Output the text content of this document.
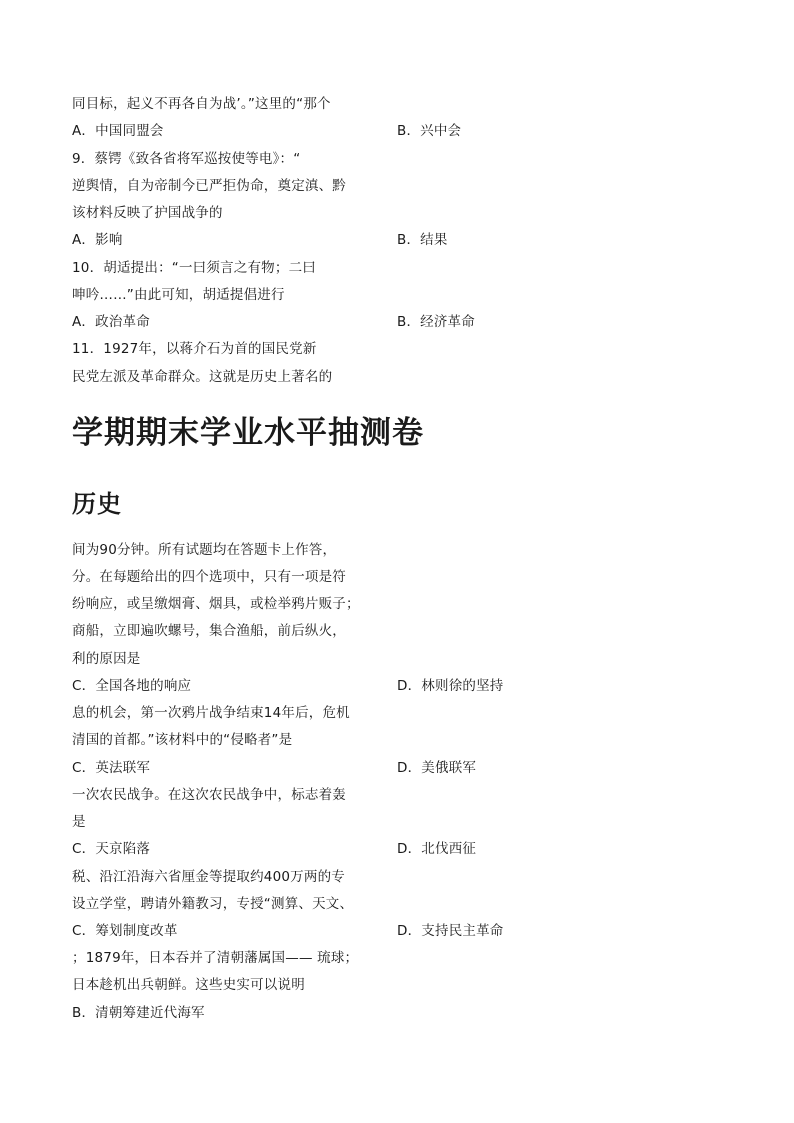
同目标，起义不再各自为战’。”这里的“那个
A．中国同盟会	B．兴中会
9．蔡锷《致各省将军巡按使等电》：“
逆舆情，自为帝制今已严拒伪命，奠定滇、黔
该材料反映了护国战争的
A．影响	B．结果
10．胡适提出：“一曰须言之有物；二曰
呻吟……”由此可知，胡适提倡进行
A．政治革命	B．经济革命
11．1927年，以蒋介石为首的国民党新
民党左派及革命群众。这就是历史上著名的
学期期末学业水平抽测卷
历史
间为90分钟。所有试题均在答题卡上作答，
分。在每题给出的四个选项中，只有一项是符
纷响应，或呈缴烟膏、烟具，或检举鸦片贩子；
商船，立即遍吹螺号，集合渔船，前后纵火，
利的原因是
C．全国各地的响应	D．林则徐的坚持
息的机会，第一次鸦片战争结束14年后，危机
清国的首都。”该材料中的“侵略者”是
C．英法联军	D．美俄联军
一次农民战争。在这次农民战争中，标志着轰
是
C．天京陷落	D．北伐西征
税、沿江沿海六省厘金等提取约400万两的专
设立学堂，聘请外籍教习，专授“测算、天文、
C．筹划制度改革	D．支持民主革命
；1879年，日本吞并了清朝藩属国—— 琉球；
日本趁机出兵朝鲜。这些史实可以说明
B．清朝筹建近代海军
